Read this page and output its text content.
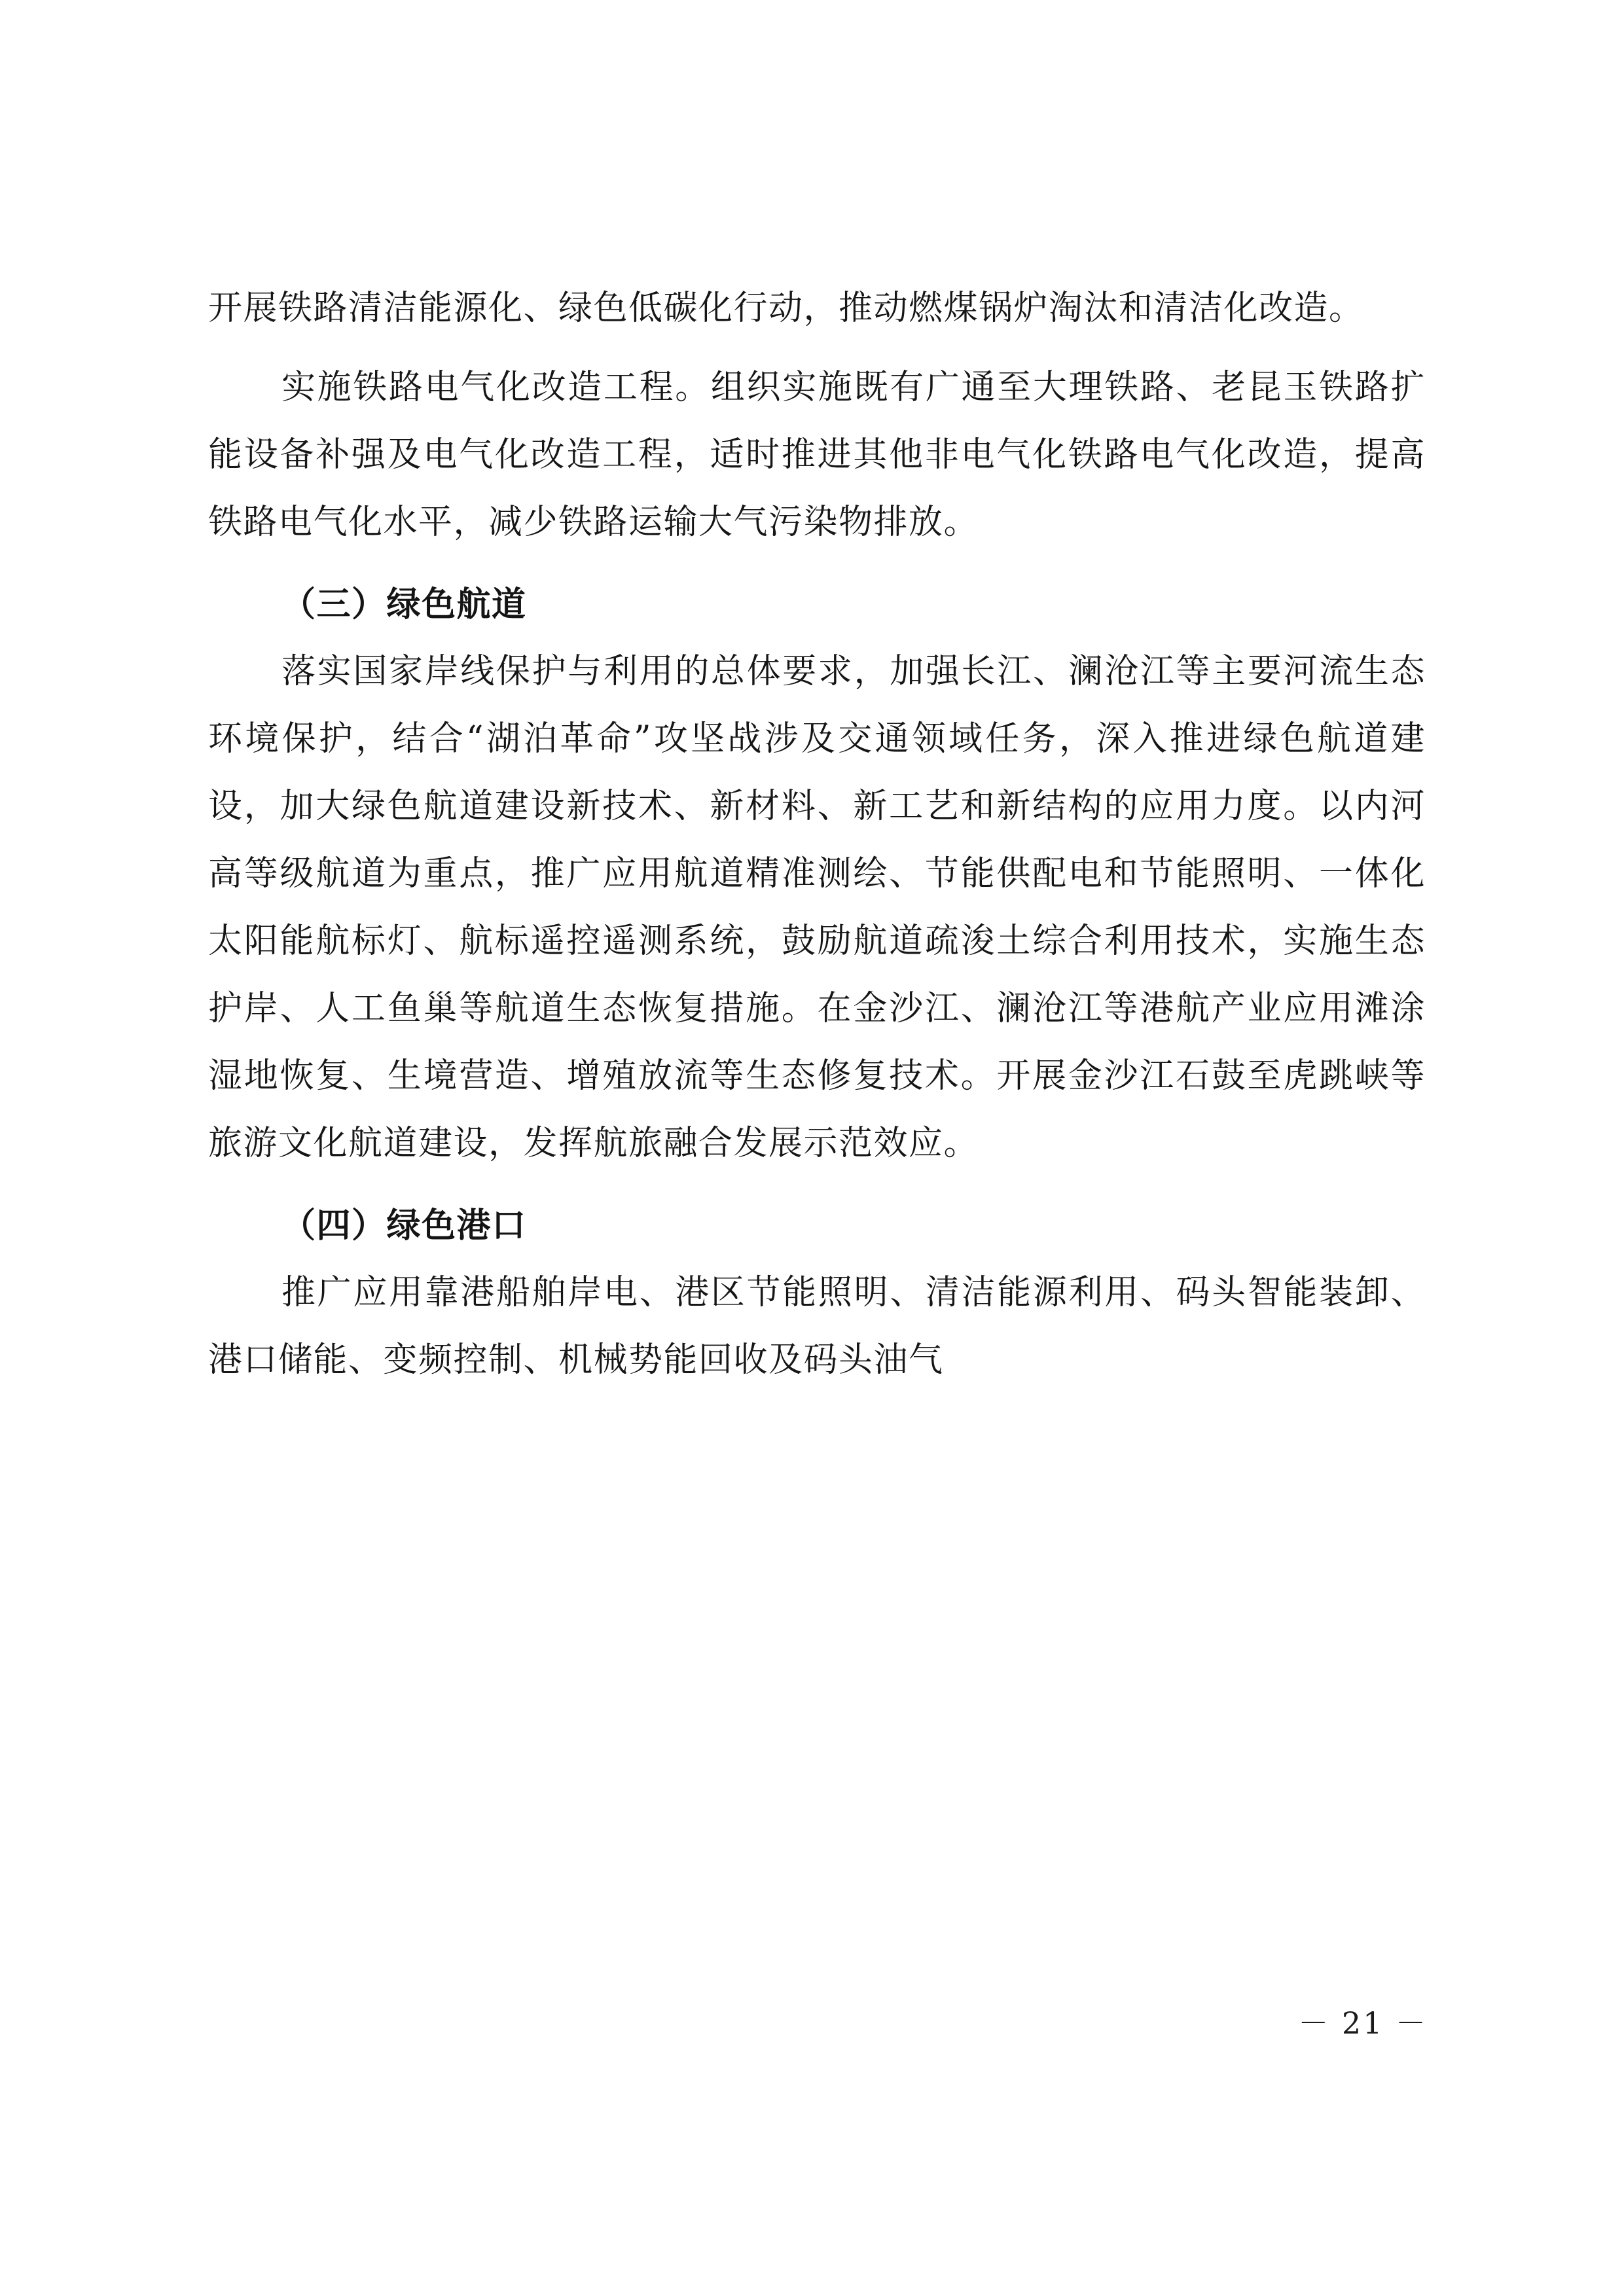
开展铁路清洁能源化、绿色低碳化行动，推动燃煤锅炉淘汰和清洁化改造。

实施铁路电气化改造工程。组织实施既有广通至大理铁路、老昆玉铁路扩能设备补强及电气化改造工程，适时推进其他非电气化铁路电气化改造，提高铁路电气化水平，减少铁路运输大气污染物排放。

（三）绿色航道

落实国家岸线保护与利用的总体要求，加强长江、澜沧江等主要河流生态环境保护，结合“湖泊革命”攻坚战涉及交通领域任务，深入推进绿色航道建设，加大绿色航道建设新技术、新材料、新工艺和新结构的应用力度。以内河高等级航道为重点，推广应用航道精准测绘、节能供配电和节能照明、一体化太阳能航标灯、航标遥控遥测系统，鼓励航道疏浚土综合利用技术，实施生态护岸、人工鱼巢等航道生态恢复措施。在金沙江、澜沧江等港航产业应用滩涂湿地恢复、生境营造、增殖放流等生态修复技术。开展金沙江石鼓至虎跳峡等旅游文化航道建设，发挥航旅融合发展示范效应。

（四）绿色港口

推广应用靠港船舶岸电、港区节能照明、清洁能源利用、码头智能装卸、港口储能、变频控制、机械势能回收及码头油气

－ 21 －
